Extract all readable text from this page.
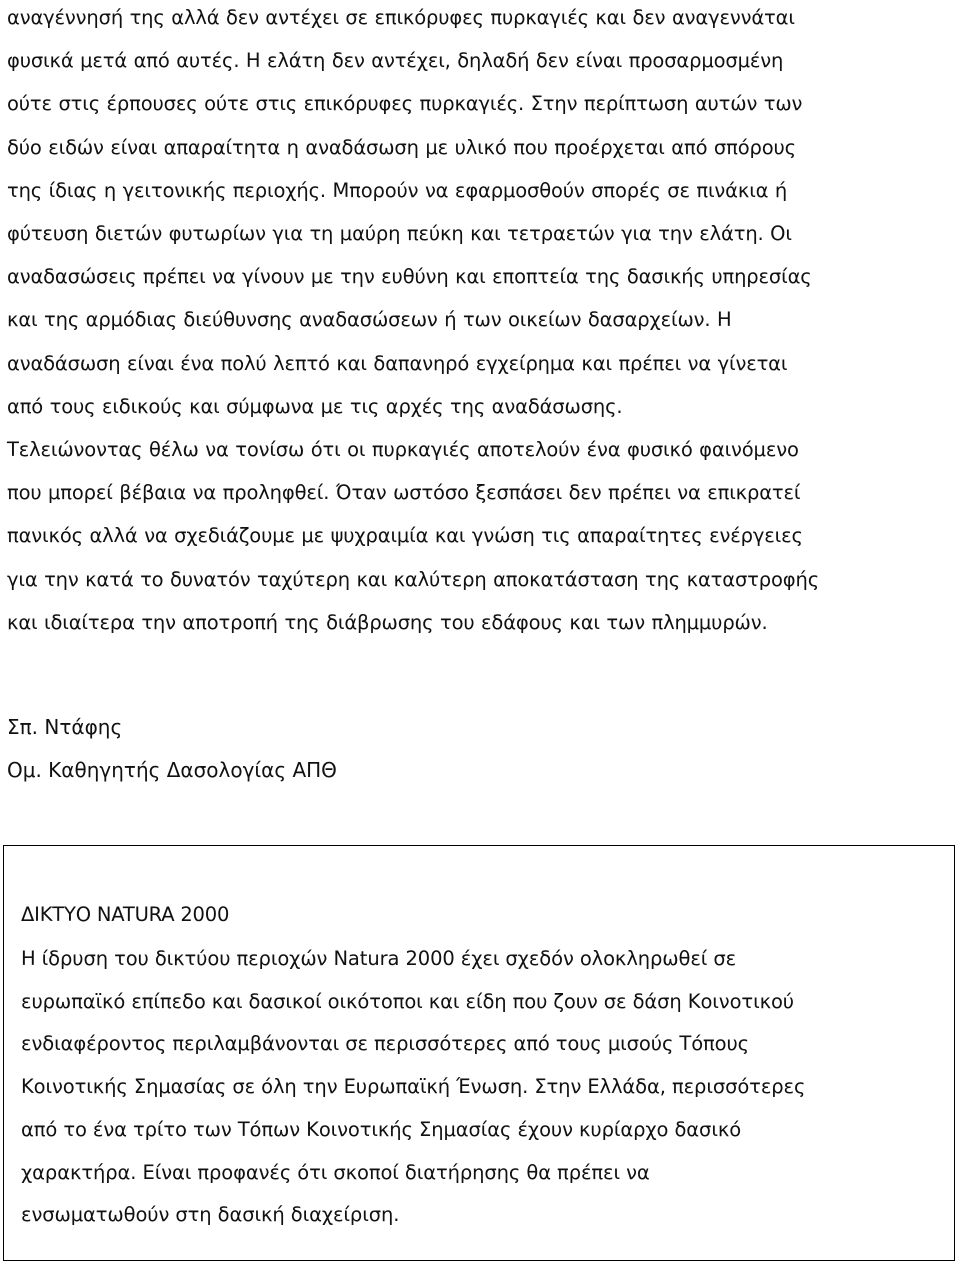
αναγέννησή της αλλά δεν αντέχει σε επικόρυφες πυρκαγιές και δεν αναγεννάται
φυσικά μετά από αυτές. Η ελάτη δεν αντέχει, δηλαδή δεν είναι προσαρμοσμένη
ούτε στις έρπουσες ούτε στις επικόρυφες πυρκαγιές. Στην περίπτωση αυτών των
δύο ειδών είναι απαραίτητα η αναδάσωση με υλικό που προέρχεται από σπόρους
της ίδιας η γειτονικής περιοχής. Μπορούν να εφαρμοσθούν σπορές σε πινάκια ή
φύτευση διετών φυτωρίων για τη μαύρη πεύκη και τετραετών για την ελάτη. Οι
αναδασώσεις πρέπει να γίνουν με την ευθύνη και εποπτεία της δασικής υπηρεσίας
και της αρμόδιας διεύθυνσης αναδασώσεων ή των οικείων δασαρχείων. Η
αναδάσωση είναι ένα πολύ λεπτό και δαπανηρό εγχείρημα και πρέπει να γίνεται
από τους ειδικούς και σύμφωνα με τις αρχές της αναδάσωσης.
Τελειώνοντας θέλω να τονίσω ότι οι πυρκαγιές αποτελούν ένα φυσικό φαινόμενο
που μπορεί βέβαια να προληφθεί. Όταν ωστόσο ξεσπάσει δεν πρέπει να επικρατεί
πανικός αλλά να σχεδιάζουμε με ψυχραιμία και γνώση τις απαραίτητες ενέργειες
για την κατά το δυνατόν ταχύτερη και καλύτερη αποκατάσταση της καταστροφής
και ιδιαίτερα την αποτροπή της διάβρωσης του εδάφους και των πλημμυρών.
Σπ. Ντάφης
Ομ. Καθηγητής Δασολογίας ΑΠΘ
ΔΙΚΤΥΟ NATURA 2000
Η ίδρυση του δικτύου περιοχών Natura 2000 έχει σχεδόν ολοκληρωθεί σε
ευρωπαϊκό επίπεδο και δασικοί οικότοποι και είδη που ζουν σε δάση Κοινοτικού
ενδιαφέροντος περιλαμβάνονται σε περισσότερες από τους μισούς Τόπους
Κοινοτικής Σημασίας σε όλη την Ευρωπαϊκή Ένωση. Στην Ελλάδα, περισσότερες
από το ένα τρίτο των Τόπων Κοινοτικής Σημασίας έχουν κυρίαρχο δασικό
χαρακτήρα. Είναι προφανές ότι σκοποί διατήρησης θα πρέπει να
ενσωματωθούν στη δασική διαχείριση.
